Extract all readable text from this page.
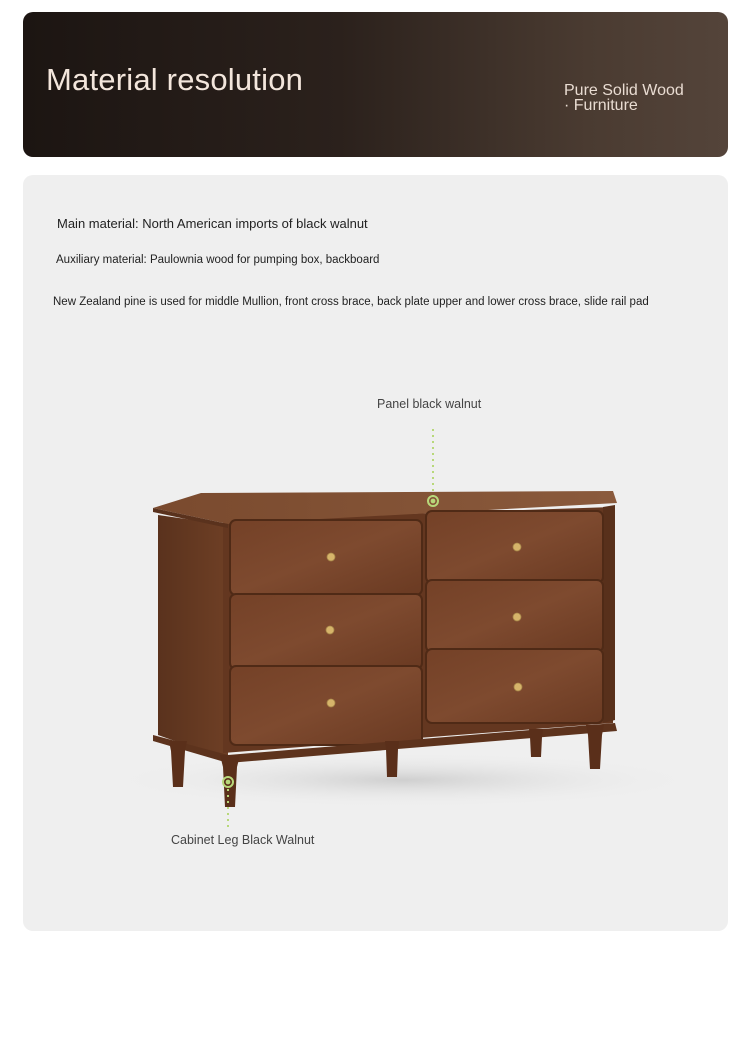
Material resolution	Pure Solid Wood
· Furniture
Main material: North American imports of black walnut
Auxiliary material: Paulownia wood for pumping box, backboard
New Zealand pine is used for middle Mullion, front cross brace, back plate upper and lower cross brace, slide rail pad
Panel black walnut
Cabinet Leg Black Walnut
